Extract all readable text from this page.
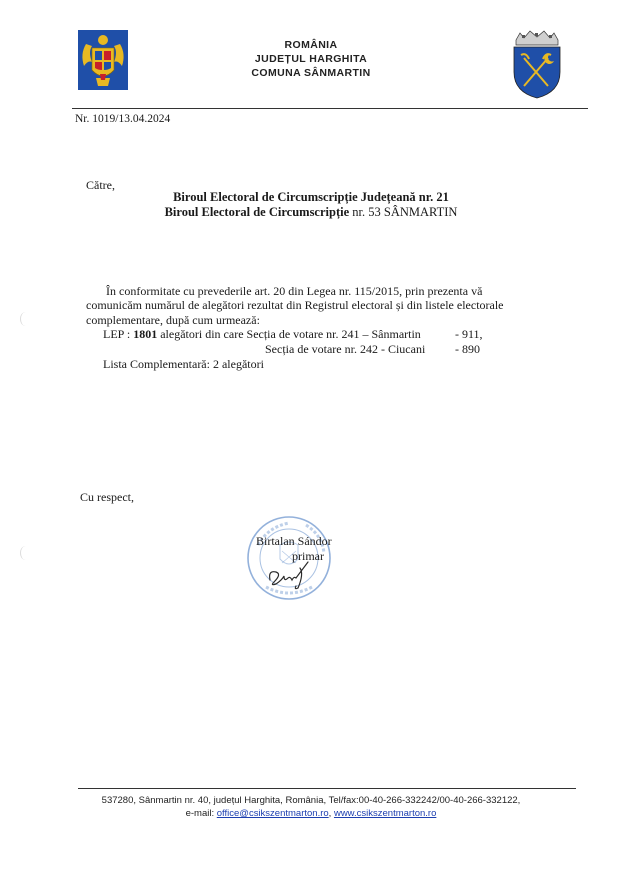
ROMÂNIA
JUDEȚUL HARGHITA
COMUNA SÂNMARTIN
Nr. 1019/13.04.2024
Către,
Biroul Electoral de Circumscripție Județeană nr. 21
Biroul Electoral de Circumscripție nr. 53 SÂNMARTIN
În conformitate cu prevederile art. 20 din Legea nr. 115/2015, prin prezenta vă
comunicăm numărul de alegători rezultat din Registrul electoral și din listele electorale
complementare, după cum urmează:
LEP : 1801 alegători din care Secția de votare nr. 241 – Sânmartin	- 911,
Secția de votare nr. 242 - Ciucani - 890
Lista Complementară: 2 alegători
Cu respect,
Birtalan Sándor
primar
537280, Sânmartin nr. 40, județul Harghita, România, Tel/fax:00-40-266-332242/00-40-266-332122,
e-mail: office@csikszentmarton.ro, www.csikszentmarton.ro
